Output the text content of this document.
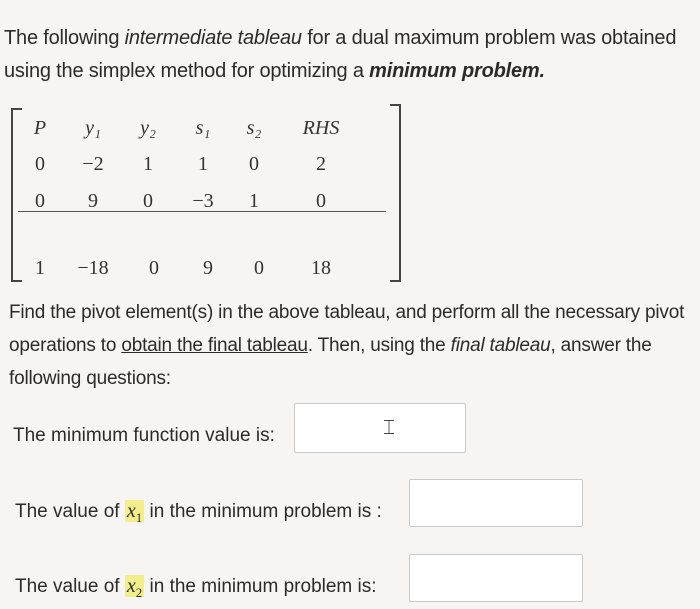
The following intermediate tableau for a dual maximum problem was obtained using the simplex method for optimizing a minimum problem.
P	y₁	y₂	s₁	s₂	RHS
0	−2	1	1	0	2
0	9	0	−3	1	0
1	−18	0	9	0	18
Find the pivot element(s) in the above tableau, and perform all the necessary pivot operations to obtain the final tableau. Then, using the final tableau, answer the following questions:
The minimum function value is:	⌶
The value of $x_1$ in the minimum problem is :
The value of $x_2$ in the minimum problem is:
